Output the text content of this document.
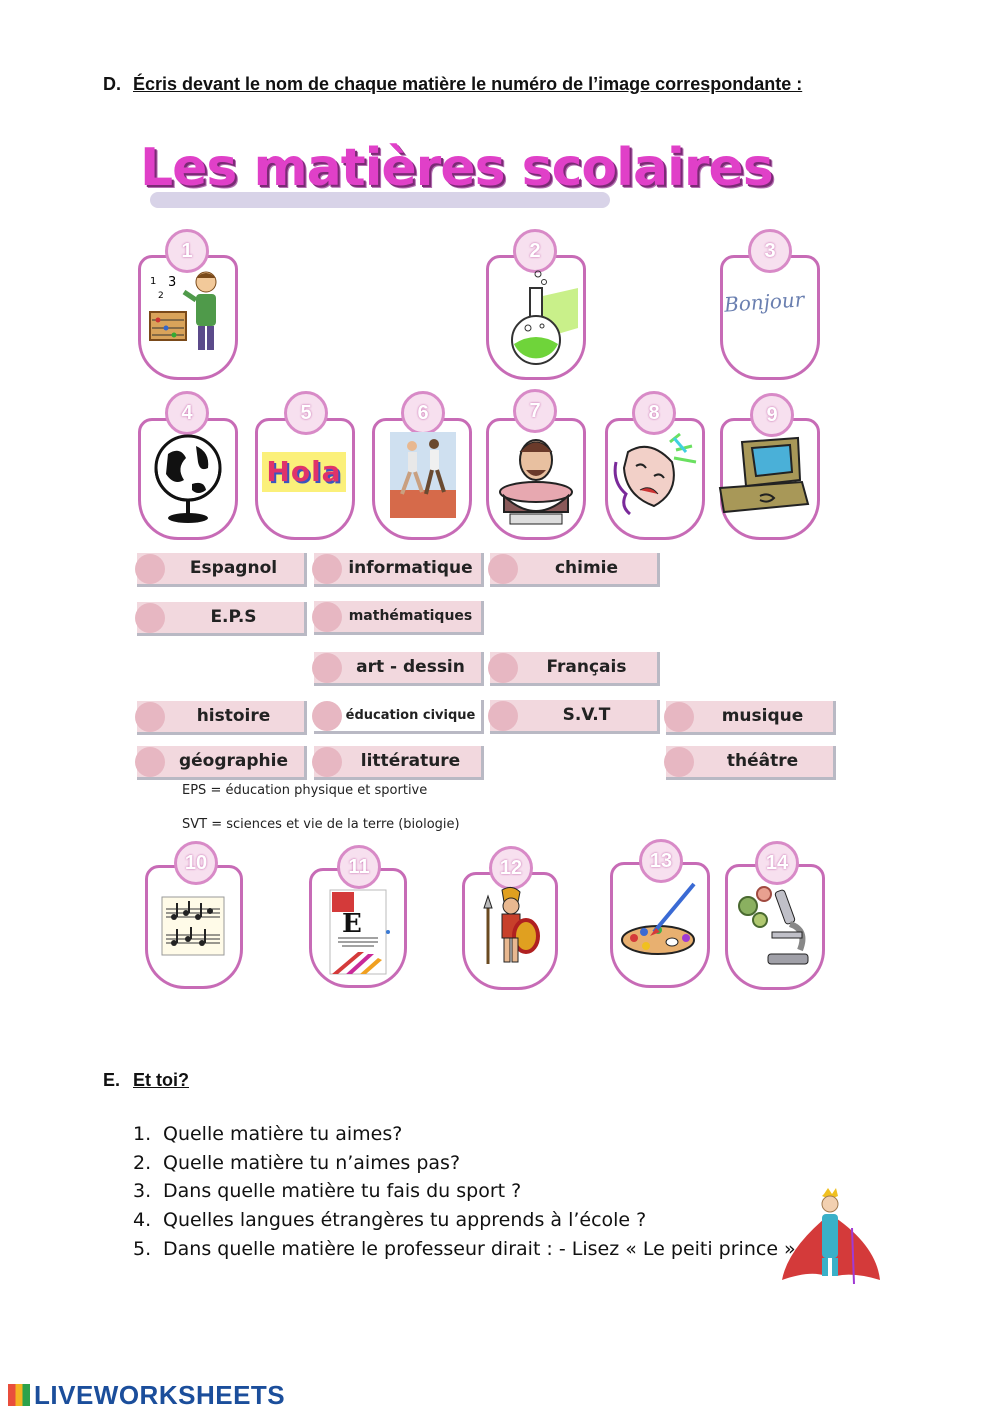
D. Écris devant le nom de chaque matière le numéro de l’image correspondante :
Les matières scolaires
1
1 3
2
2	3
Bonjour
4	5
Hola
6	7	8	9
Espagnol	informatique	chimie
E.P.S	mathématiques
art - dessin	Français
histoire	éducation civique	S.V.T	musique
géographie	littérature	théâtre
EPS = éducation physique et sportive
SVT = sciences et vie de la terre (biologie)
10	11
E
12	13	14
E. Et toi?
1. Quelle matière tu aimes?
2. Quelle matière tu n’aimes pas?
3. Dans quelle matière tu fais du sport ?
4. Quelles langues étrangères tu apprends à l’école ?
5. Dans quelle matière le professeur dirait : - Lisez « Le peiti prince »
LIVEWORKSHEETS
